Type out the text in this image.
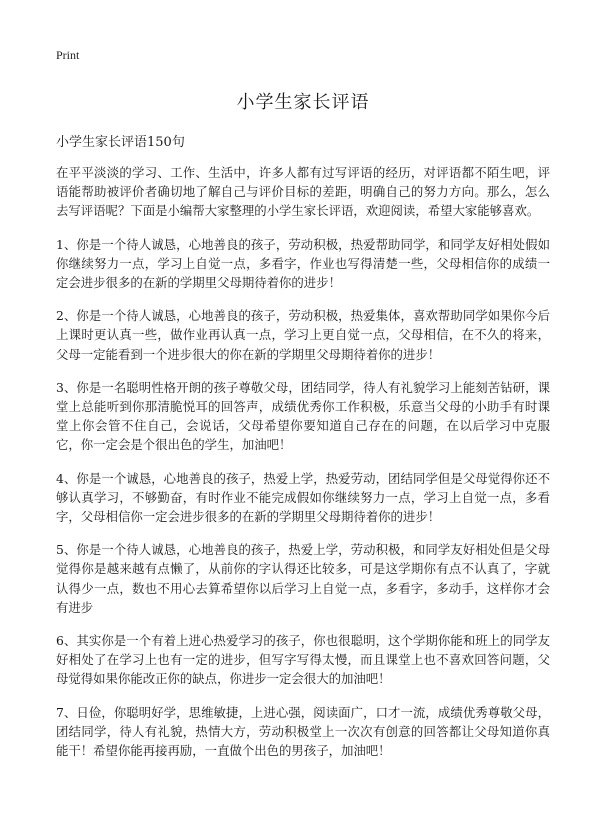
Print
小学生家长评语

小学生家长评语150句

在平平淡淡的学习、工作、生活中，许多人都有过写评语的经历，对评语都不陌生吧，评语能帮助被评价者确切地了解自己与评价目标的差距，明确自己的努力方向。那么，怎么去写评语呢？下面是小编帮大家整理的小学生家长评语，欢迎阅读，希望大家能够喜欢。

1、你是一个待人诚恳，心地善良的孩子，劳动积极，热爱帮助同学，和同学友好相处假如你继续努力一点，学习上自觉一点，多看字，作业也写得清楚一些，父母相信你的成绩一定会进步很多的在新的学期里父母期待着你的进步！

2、你是一个待人诚恳，心地善良的孩子，劳动积极，热爱集体，喜欢帮助同学如果你今后上课时更认真一些，做作业再认真一点，学习上更自觉一点，父母相信，在不久的将来，父母一定能看到一个进步很大的你在新的学期里父母期待着你的进步！

3、你是一名聪明性格开朗的孩子尊敬父母，团结同学，待人有礼貌学习上能刻苦钻研，课堂上总能听到你那清脆悦耳的回答声，成绩优秀你工作积极，乐意当父母的小助手有时课堂上你会管不住自己，会说话，父母希望你要知道自己存在的问题，在以后学习中克服它，你一定会是个很出色的学生，加油吧！

4、你是一个诚恳，心地善良的孩子，热爱上学，热爱劳动，团结同学但是父母觉得你还不够认真学习，不够勤奋，有时作业不能完成假如你继续努力一点，学习上自觉一点，多看字，父母相信你一定会进步很多的在新的学期里父母期待着你的进步！

5、你是一个待人诚恳，心地善良的孩子，热爱上学，劳动积极，和同学友好相处但是父母觉得你是越来越有点懒了，从前你的字认得还比较多，可是这学期你有点不认真了，字就认得少一点，数也不用心去算希望你以后学习上自觉一点，多看字，多动手，这样你才会有进步

6、其实你是一个有着上进心热爱学习的孩子，你也很聪明，这个学期你能和班上的同学友好相处了在学习上也有一定的进步，但写字写得太慢，而且课堂上也不喜欢回答问题，父母觉得如果你能改正你的缺点，你进步一定会很大的加油吧！

7、日俭，你聪明好学，思维敏捷，上进心强，阅读面广，口才一流，成绩优秀尊敬父母，团结同学，待人有礼貌，热情大方，劳动积极堂上一次次有创意的回答都让父母知道你真能干！希望你能再接再励，一直做个出色的男孩子，加油吧！
